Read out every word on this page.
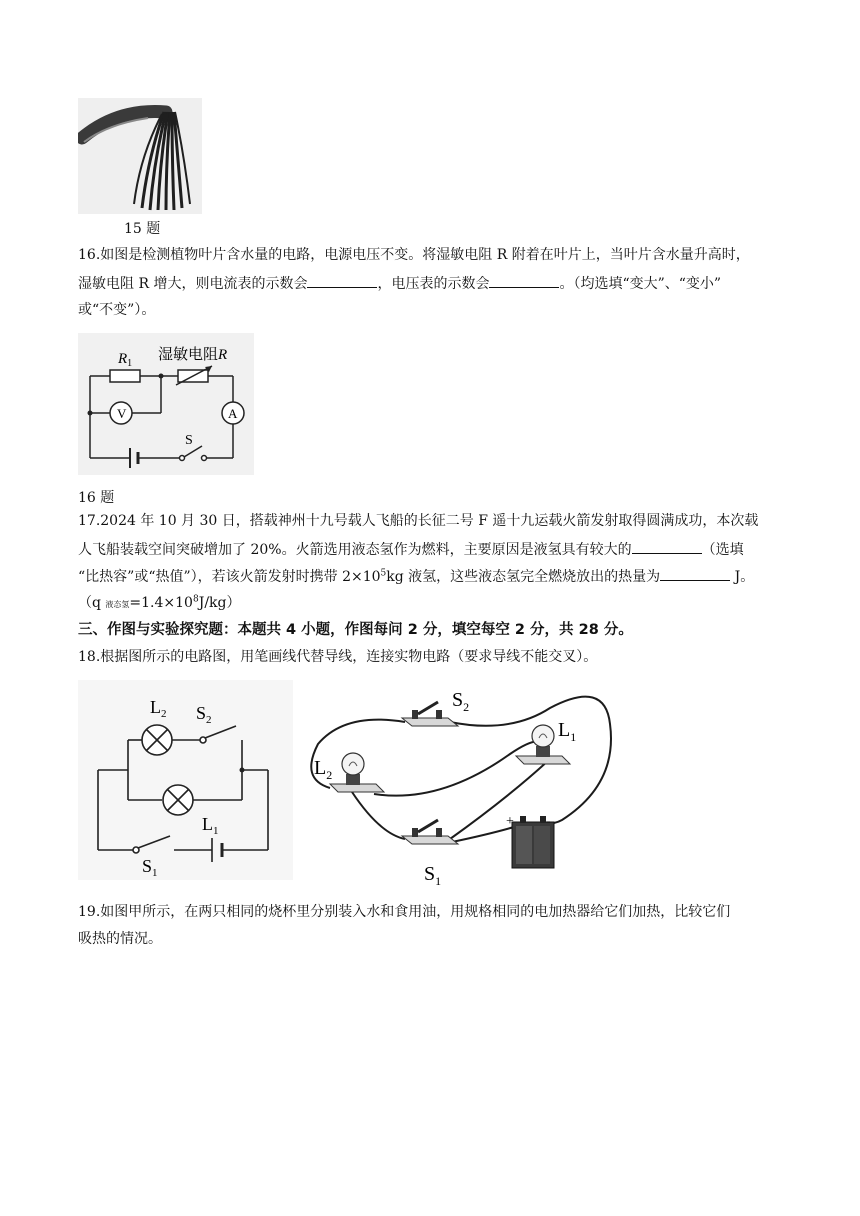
15 题
16.如图是检测植物叶片含水量的电路，电源电压不变。将湿敏电阻 R 附着在叶片上，当叶片含水量升高时，
湿敏电阻 R 增大，则电流表的示数会	，电压表的示数会	。（均选填“变大”、“变小”
或“不变”）。
$R_1$
湿敏电阻R
V	A
S
16 题
17.2024 年 10 月 30 日，搭载神州十九号载人飞船的长征二号 F 遥十九运载火箭发射取得圆满成功，本次载
人飞船装载空间突破增加了 20%。火箭选用液态氢作为燃料，主要原因是液氢具有较大的	（选填
“比热容”或“热值”），若该火箭发射时携带 $2\times 10^5kg$ 液氢，这些液态氢完全燃烧放出的热量为	J。
（q 液态氢$=1.4\times 10^8J/kg$）
三、作图与实验探究题：本题共 4 小题，作图每问 2 分，填空每空 2 分，共 28 分。
18.根据图所示的电路图，用笔画线代替导线，连接实物电路（要求导线不能交叉）。
$L_2$ $S_2$
$L_1$
$S_1$
$S_2$
$L_1$
$L_2$
$S_1$
+ -
19.如图甲所示，在两只相同的烧杯里分别装入水和食用油，用规格相同的电加热器给它们加热，比较它们
吸热的情况。
